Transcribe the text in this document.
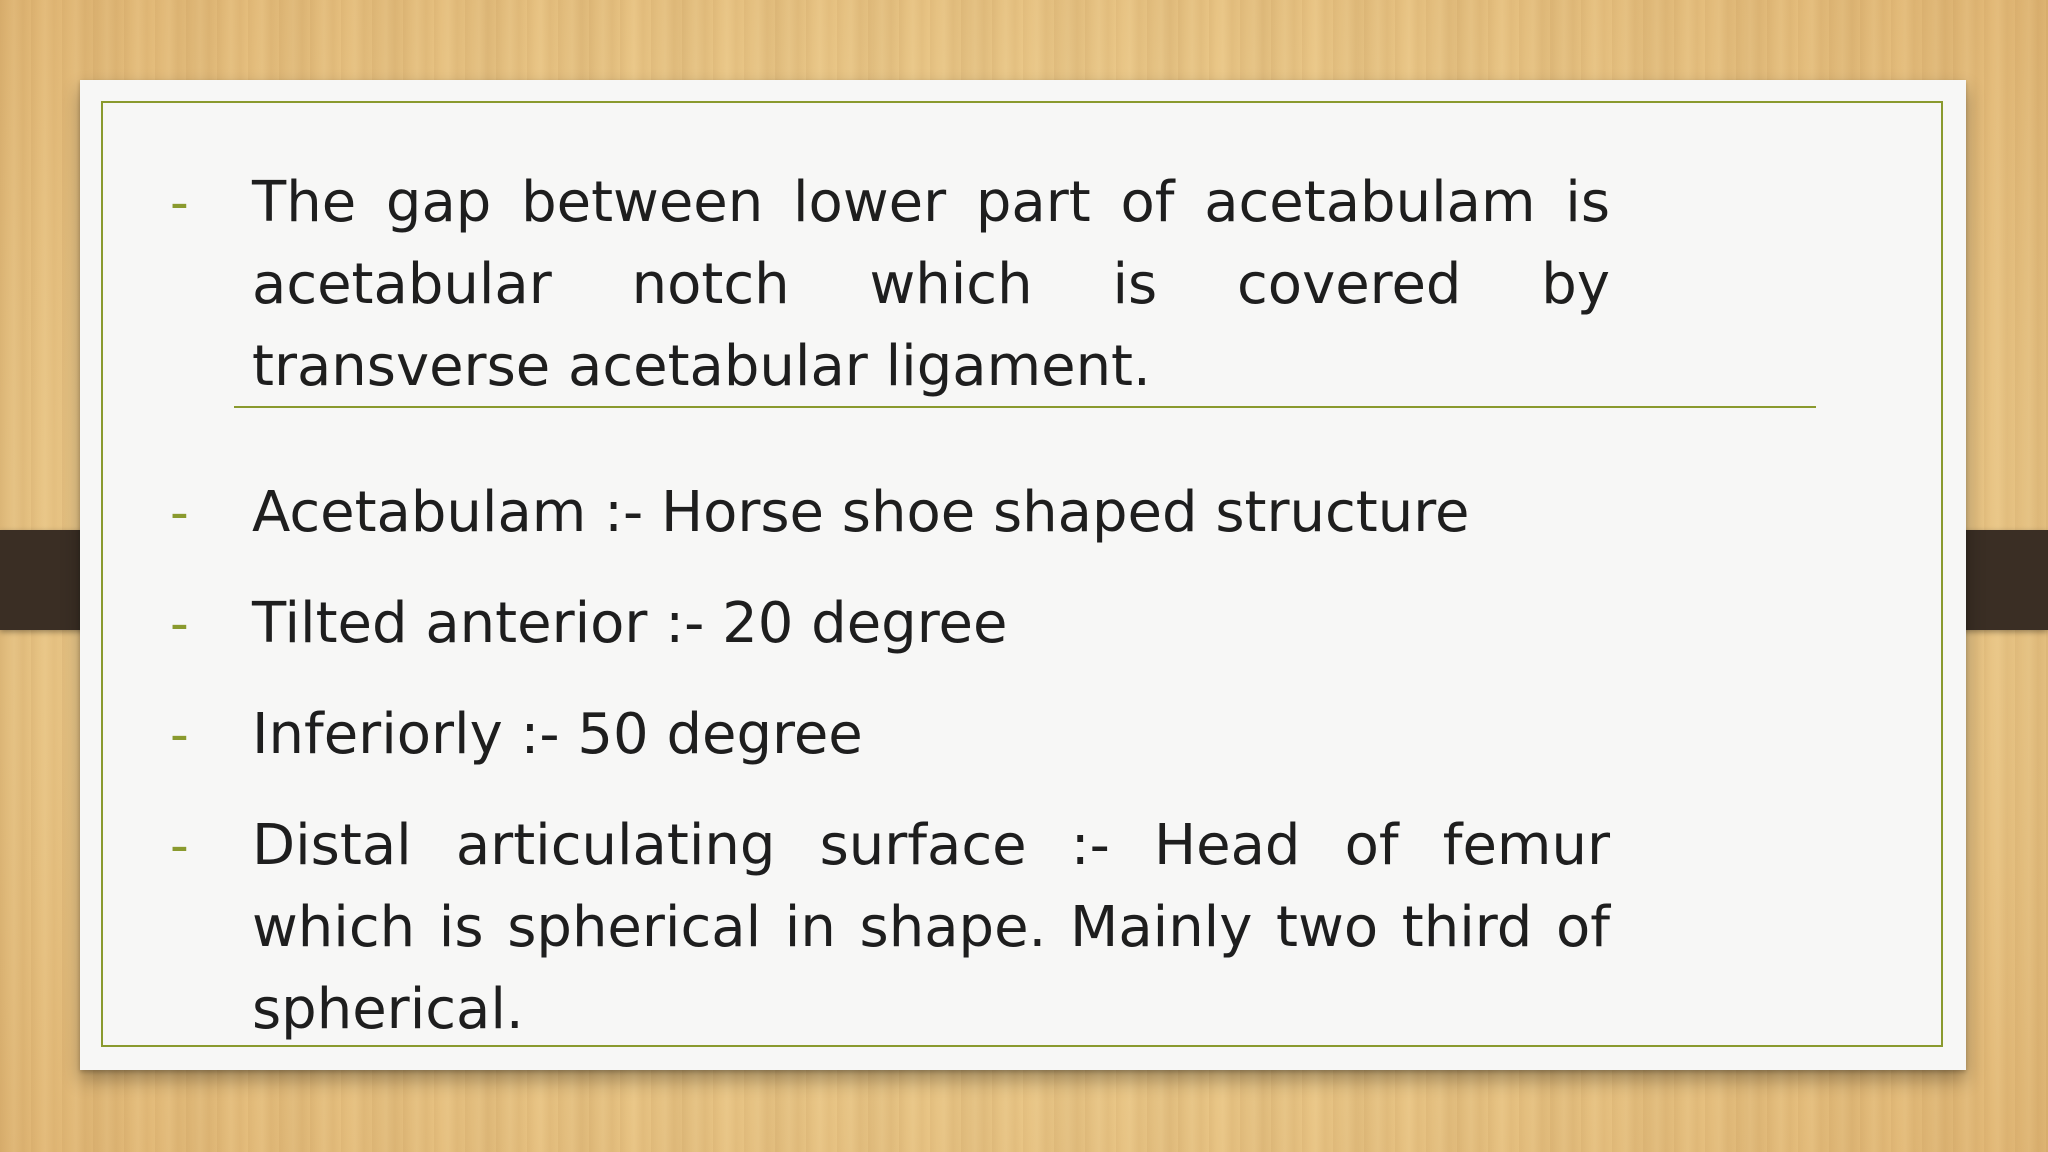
- The gap between lower part of acetabulam is acetabular notch which is covered by transverse acetabular ligament.
- Acetabulam :- Horse shoe shaped structure
- Tilted anterior :- 20 degree
- Inferiorly :- 50 degree
- Distal articulating surface :- Head of femur which is spherical in shape. Mainly two third of spherical.
